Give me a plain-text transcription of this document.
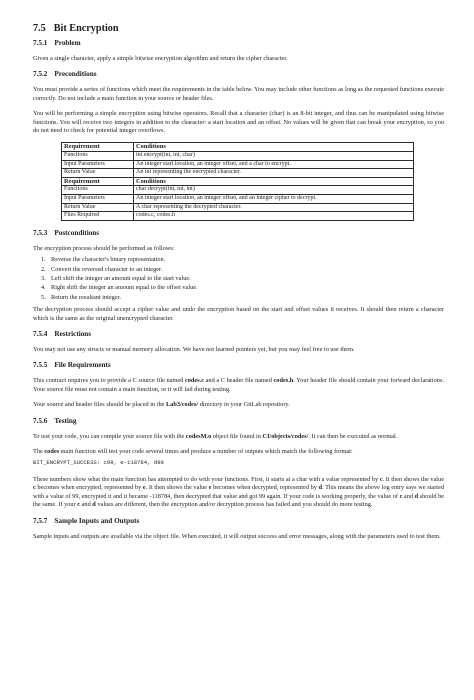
7.5 Bit Encryption
7.5.1 Problem

Given a single character, apply a simple bitwise encryption algorithm and return the cipher character.

7.5.2 Preconditions

You must provide a series of functions which meet the requirements in the table below. You may include other functions as long as the requested functions execute correctly. Do not include a main function in your source or header files.

You will be performing a simple encryption using bitwise operators. Recall that a character (char) is an 8-bit integer, and thus can be manipulated using bitwise functions. You will receive two integers in addition to the character: a start location and an offset. No values will be given that can break your encryption, so you do not need to check for potential integer overflows.

Requirement	Conditions
Functions	int encrypt(int, int, char)
Input Parameters	An integer start location, an integer offset, and a char to encrypt.
Return Value	An int representing the encrypted character.
Requirement	Conditions
Functions	char decrypt(int, int, int)
Input Parameters	An integer start location, an integer offset, and an integer cipher to decrypt.
Return Value	A char representing the decrypted character.
Files Required	codes.c, codes.h
7.5.3 Postconditions

The encryption process should be performed as follows:

1. Reverse the character's binary representation.
2. Convert the reversed character to an integer.
3. Left shift the integer an amount equal to the start value.
4. Right shift the integer an amount equal to the offset value.
5. Return the resultant integer.

The decryption process should accept a cipher value and undo the encryption based on the start and offset values it receives. It should then return a character which is the same as the original unencrypted character.

7.5.4 Restrictions

You may not use any structs or manual memory allocation. We have not learned pointers yet, but you may feel free to use them.

7.5.5 File Requirements

This contract requires you to provide a C source file named codes.c and a C header file named codes.h. Your header file should contain your forward declarations. Your source file must not contain a main function, or it will fail during testing.

Your source and header files should be placed in the Lab3/codes/ directory in your GitLab repository.

7.5.6 Testing

To test your code, you can compile your source file with the codesM.o object file found in CI/objects/codes/. It can then be executed as normal.

The codes main function will test your code several times and produce a number of outputs which match the following format:

BIT_ENCRYPT_SUCCESS: c99, e-118784, d99

These numbers show what the main function has attempted to do with your functions. First, it starts at a char with a value represented by c. It then shows the value c becomes when encrypted, represented by e. It then shows the value e becomes when decrypted, represented by d. This means the above log entry says we started with a value of 99, encrypted it and it became -118784, then decrypted that value and got 99 again. If your code is working properly, the value of c and d should be the same. If your c and d values are different, then the encryption and/or decryption process has failed and you should do more testing.

7.5.7 Sample Inputs and Outputs

Sample inputs and outputs are available via the object file. When executed, it will output success and error messages, along with the parameters used to test them.
